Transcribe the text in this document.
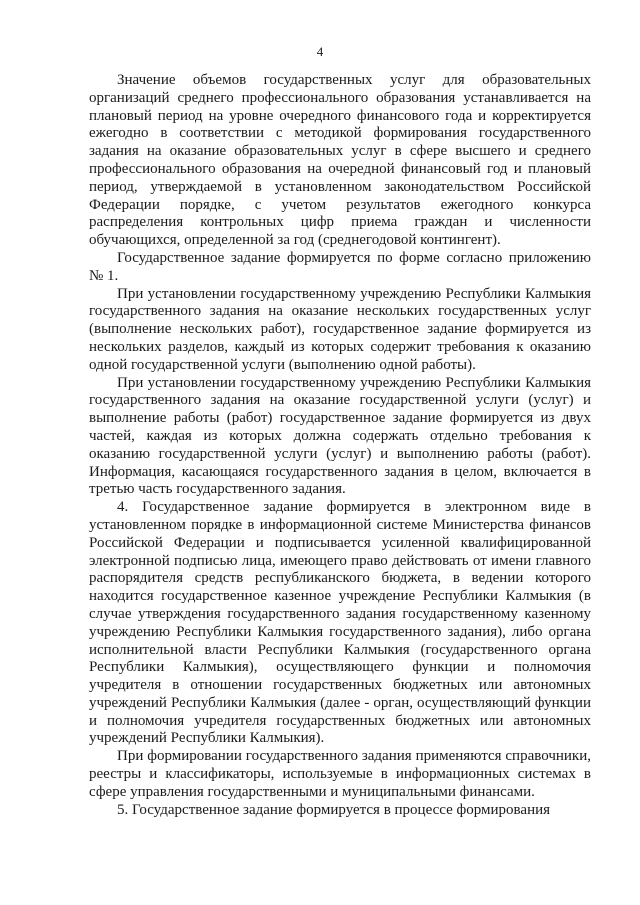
4

Значение объемов государственных услуг для образовательных организаций среднего профессионального образования устанавливается на плановый период на уровне очередного финансового года и корректируется ежегодно в соответствии с методикой формирования государственного задания на оказание образовательных услуг в сфере высшего и среднего профессионального образования на очередной финансовый год и плановый период, утверждаемой в установленном законодательством Российской Федерации порядке, с учетом результатов ежегодного конкурса распределения контрольных цифр приема граждан и численности обучающихся, определенной за год (среднегодовой контингент).

Государственное задание формируется по форме согласно приложению № 1.

При установлении государственному учреждению Республики Калмыкия государственного задания на оказание нескольких государственных услуг (выполнение нескольких работ), государственное задание формируется из нескольких разделов, каждый из которых содержит требования к оказанию одной государственной услуги (выполнению одной работы).

При установлении государственному учреждению Республики Калмыкия государственного задания на оказание государственной услуги (услуг) и выполнение работы (работ) государственное задание формируется из двух частей, каждая из которых должна содержать отдельно требования к оказанию государственной услуги (услуг) и выполнению работы (работ). Информация, касающаяся государственного задания в целом, включается в третью часть государственного задания.

4. Государственное задание формируется в электронном виде в установленном порядке в информационной системе Министерства финансов Российской Федерации и подписывается усиленной квалифицированной электронной подписью лица, имеющего право действовать от имени главного распорядителя средств республиканского бюджета, в ведении которого находится государственное казенное учреждение Республики Калмыкия (в случае утверждения государственного задания государственному казенному учреждению Республики Калмыкия государственного задания), либо органа исполнительной власти Республики Калмыкия (государственного органа Республики Калмыкия), осуществляющего функции и полномочия учредителя в отношении государственных бюджетных или автономных учреждений Республики Калмыкия (далее - орган, осуществляющий функции и полномочия учредителя государственных бюджетных или автономных учреждений Республики Калмыкия).

При формировании государственного задания применяются справочники, реестры и классификаторы, используемые в информационных системах в сфере управления государственными и муниципальными финансами.

5. Государственное задание формируется в процессе формирования
